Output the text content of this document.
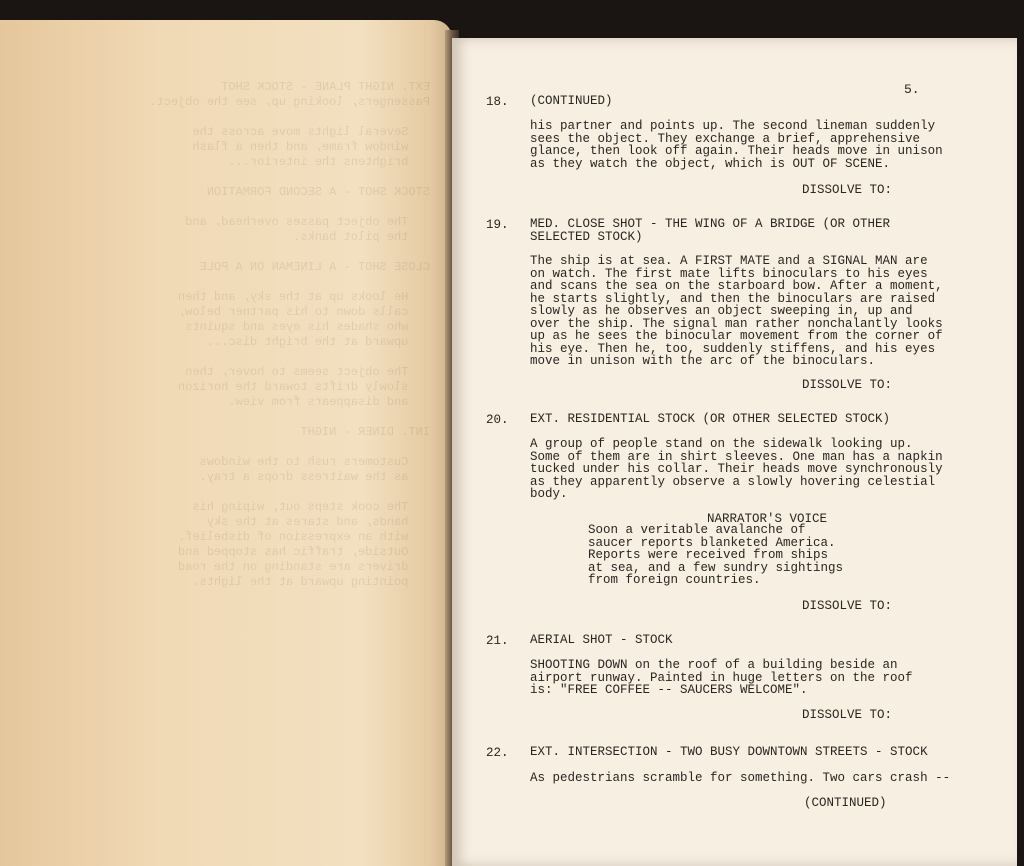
EXT. NIGHT PLANE - STOCK SHOT
Passengers, looking up, see the object.

Several lights move across the
window frame, and then a flash
brightens the interior...

STOCK SHOT - A SECOND FORMATION

The object passes overhead, and
the pilot banks.

CLOSE SHOT - A LINEMAN ON A POLE

He looks up at the sky, and then
calls down to his partner below,
who shades his eyes and squints
upward at the bright disc...

The object seems to hover, then
slowly drifts toward the horizon
and disappears from view.

INT. DINER - NIGHT

Customers rush to the windows
as the waitress drops a tray.

The cook steps out, wiping his
hands, and stares at the sky
with an expression of disbelief.
Outside, traffic has stopped and
drivers are standing on the road
pointing upward at the lights.
5.
18. (CONTINUED)
his partner and points up. The second lineman suddenly
sees the object. They exchange a brief, apprehensive
glance, then look off again. Their heads move in unison
as they watch the object, which is OUT OF SCENE.
DISSOLVE TO:
19. MED. CLOSE SHOT - THE WING OF A BRIDGE (OR OTHER
SELECTED STOCK)
The ship is at sea. A FIRST MATE and a SIGNAL MAN are
on watch. The first mate lifts binoculars to his eyes
and scans the sea on the starboard bow. After a moment,
he starts slightly, and then the binoculars are raised
slowly as he observes an object sweeping in, up and
over the ship. The signal man rather nonchalantly looks
up as he sees the binocular movement from the corner of
his eye. Then he, too, suddenly stiffens, and his eyes
move in unison with the arc of the binoculars.
DISSOLVE TO:
20. EXT. RESIDENTIAL STOCK (OR OTHER SELECTED STOCK)
A group of people stand on the sidewalk looking up.
Some of them are in shirt sleeves. One man has a napkin
tucked under his collar. Their heads move synchronously
as they apparently observe a slowly hovering celestial
body.
NARRATOR'S VOICE
Soon a veritable avalanche of
saucer reports blanketed America.
Reports were received from ships
at sea, and a few sundry sightings
from foreign countries.
DISSOLVE TO:
21. AERIAL SHOT - STOCK
SHOOTING DOWN on the roof of a building beside an
airport runway. Painted in huge letters on the roof
is: "FREE COFFEE -- SAUCERS WELCOME".
DISSOLVE TO:
22. EXT. INTERSECTION - TWO BUSY DOWNTOWN STREETS - STOCK
As pedestrians scramble for something. Two cars crash --
(CONTINUED)
